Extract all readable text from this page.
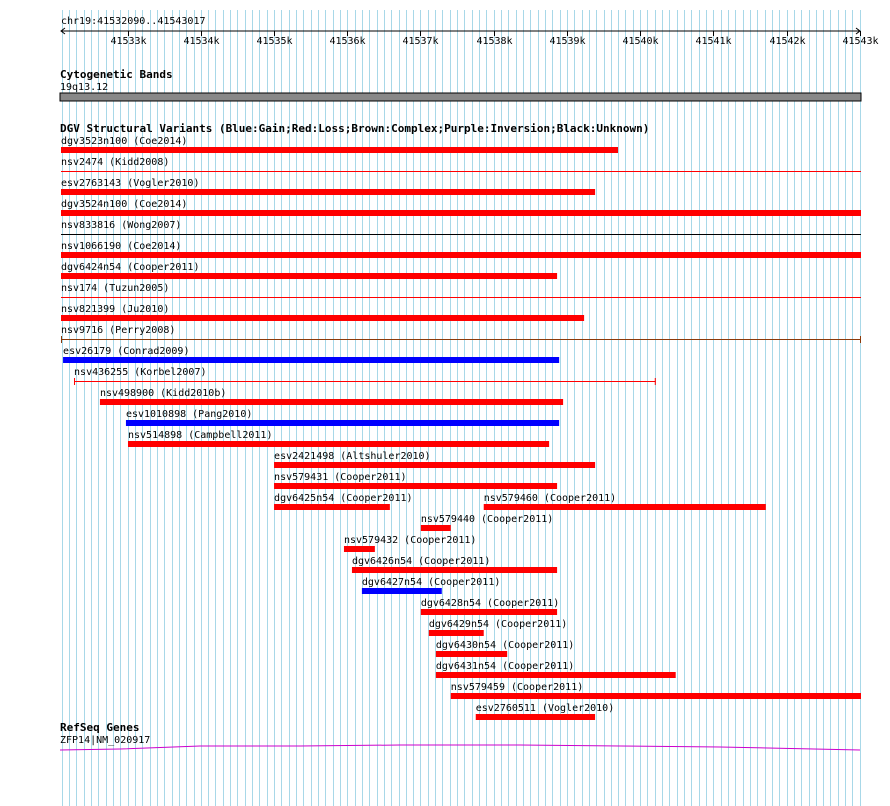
chr19:41532090..41543017
41533k	41534k	41535k	41536k	41537k	41538k	41539k	41540k	41541k	41542k	41543k
Cytogenetic Bands
19q13.12
DGV Structural Variants (Blue:Gain;Red:Loss;Brown:Complex;Purple:Inversion;Black:Unknown)
dgv3523n100 (Coe2014)
nsv2474 (Kidd2008)
esv2763143 (Vogler2010)
dgv3524n100 (Coe2014)
nsv833816 (Wong2007)
nsv1066190 (Coe2014)
dgv6424n54 (Cooper2011)
nsv174 (Tuzun2005)
nsv821399 (Ju2010)
nsv9716 (Perry2008)
esv26179 (Conrad2009)
nsv436255 (Korbel2007)
nsv498900 (Kidd2010b)
esv1010898 (Pang2010)
nsv514898 (Campbell2011)
esv2421498 (Altshuler2010)
nsv579431 (Cooper2011)
dgv6425n54 (Cooper2011)
nsv579440 (Cooper2011)
nsv579432 (Cooper2011)
nsv579460 (Cooper2011)
dgv6426n54 (Cooper2011)
dgv6427n54 (Cooper2011)
dgv6428n54 (Cooper2011)
dgv6429n54 (Cooper2011)
dgv6430n54 (Cooper2011)
dgv6431n54 (Cooper2011)
nsv579459 (Cooper2011)
esv2760511 (Vogler2010)
RefSeq Genes
ZFP14|NM_020917
